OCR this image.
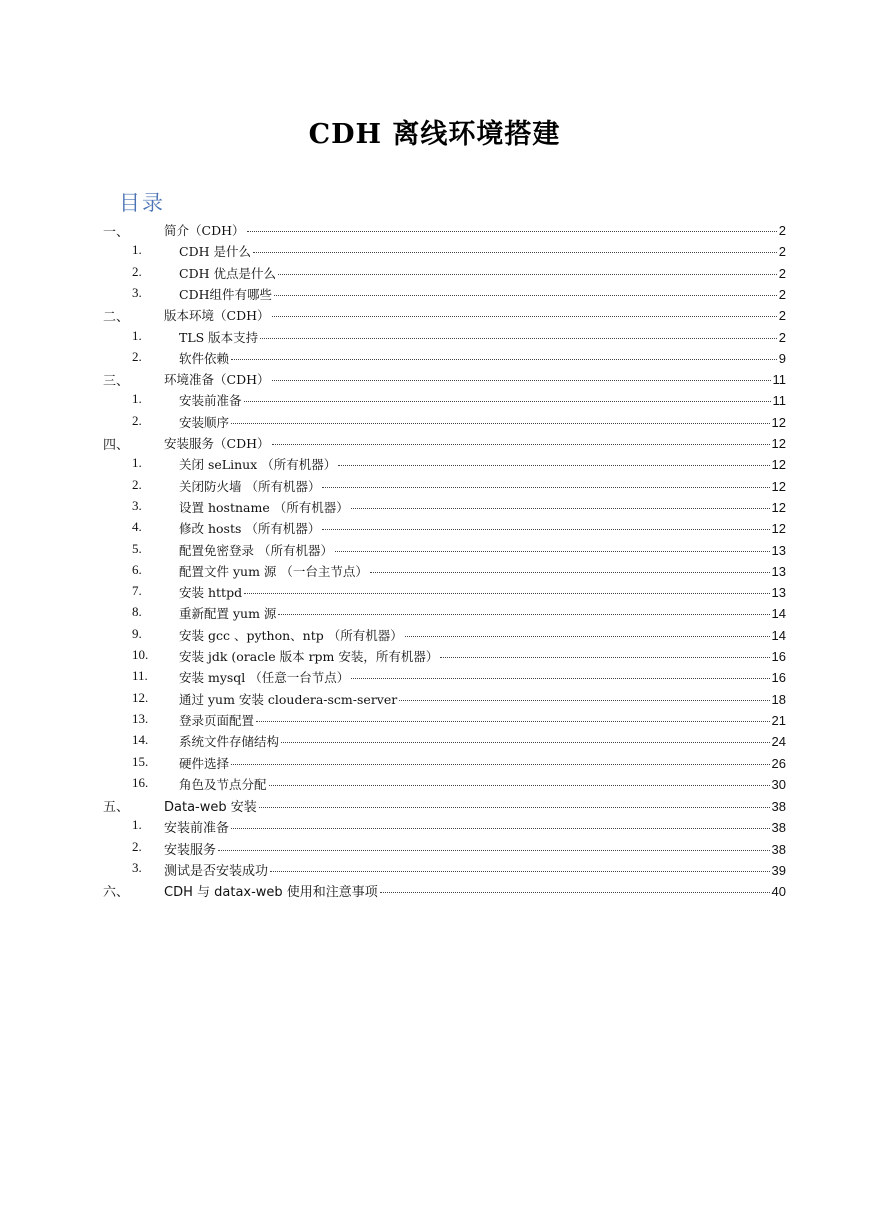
CDH 离线环境搭建
目录
一、	简介（CDH）	2
1.	CDH 是什么	2
2.	CDH 优点是什么	2
3.	CDH组件有哪些	2
二、	版本环境（CDH）	2
1.	TLS 版本支持	2
2.	软件依赖	9
三、	环境准备（CDH）	11
1.	安装前准备	11
2.	安装顺序	12
四、	安装服务（CDH）	12
1.	关闭 seLinux （所有机器）	12
2.	关闭防火墙 （所有机器）	12
3.	设置 hostname （所有机器）	12
4.	修改 hosts （所有机器）	12
5.	配置免密登录 （所有机器）	13
6.	配置文件 yum 源 （一台主节点）	13
7.	安装 httpd	13
8.	重新配置 yum 源	14
9.	安装 gcc 、python、ntp （所有机器）	14
10. 安装 jdk (oracle 版本 rpm 安装，所有机器）	16
11. 安装 mysql （任意一台节点）	16
12. 通过 yum 安装 cloudera-scm-server	18
13. 登录页面配置	21
14. 系统文件存储结构	24
15. 硬件选择	26
16. 角色及节点分配	30
五、	Data-web 安装	38
1. 安装前准备	38
2. 安装服务	38
3. 测试是否安装成功	39
六、	CDH 与 datax-web 使用和注意事项	40
